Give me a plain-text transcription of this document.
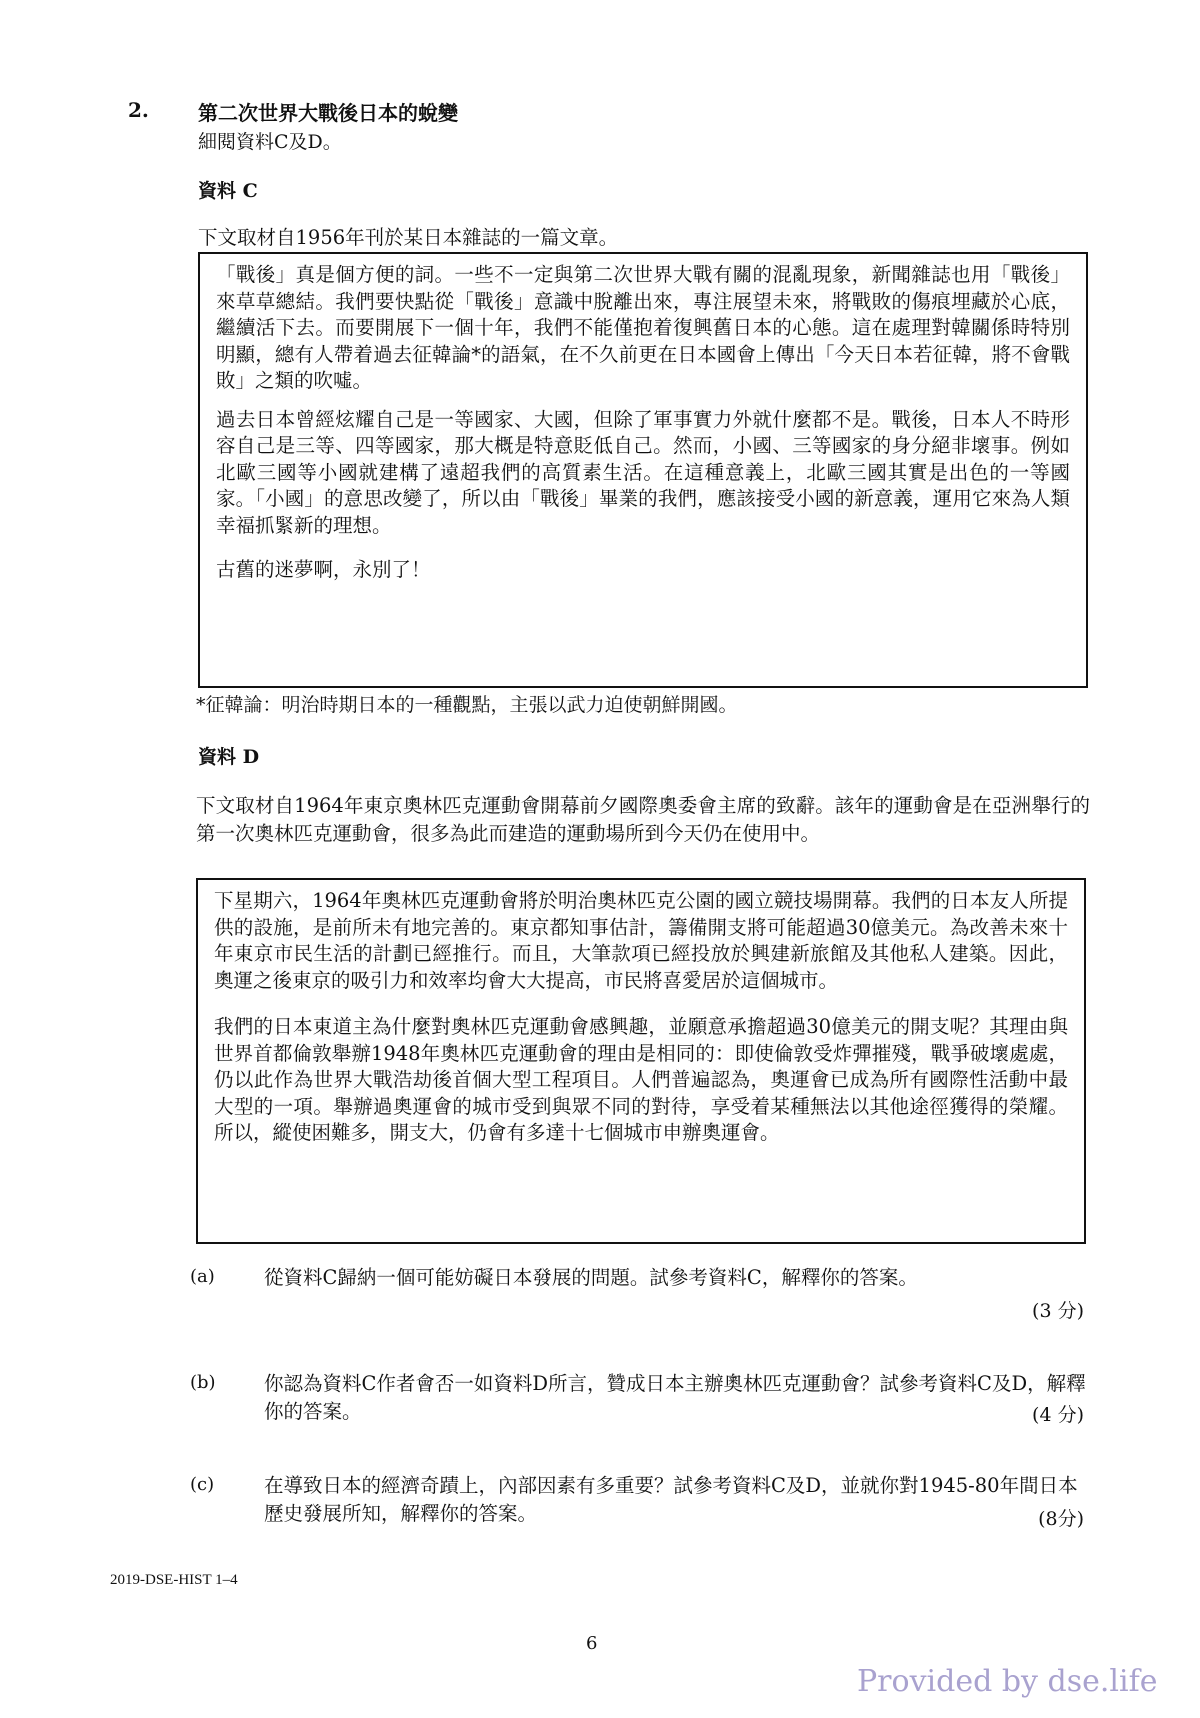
2. 第二次世界大戰後日本的蛻變
細閱資料C及D。
資料 C
下文取材自1956年刊於某日本雜誌的一篇文章。

「戰後」真是個方便的詞。一些不一定與第二次世界大戰有關的混亂現象，新聞雜誌也用「戰後」來草草總結。我們要快點從「戰後」意識中脫離出來，專注展望未來，將戰敗的傷痕埋藏於心底，繼續活下去。而要開展下一個十年，我們不能僅抱着復興舊日本的心態。這在處理對韓關係時特別明顯，總有人帶着過去征韓論*的語氣，在不久前更在日本國會上傳出「今天日本若征韓，將不會戰敗」之類的吹噓。

過去日本曾經炫耀自己是一等國家、大國，但除了軍事實力外就什麼都不是。戰後，日本人不時形容自己是三等、四等國家，那大概是特意貶低自己。然而，小國、三等國家的身分絕非壞事。例如北歐三國等小國就建構了遠超我們的高質素生活。在這種意義上，北歐三國其實是出色的一等國家。「小國」的意思改變了，所以由「戰後」畢業的我們，應該接受小國的新意義，運用它來為人類幸福抓緊新的理想。

古舊的迷夢啊，永別了！

*征韓論：明治時期日本的一種觀點，主張以武力迫使朝鮮開國。
資料 D
下文取材自1964年東京奧林匹克運動會開幕前夕國際奧委會主席的致辭。該年的運動會是在亞洲舉行的第一次奧林匹克運動會，很多為此而建造的運動場所到今天仍在使用中。

下星期六，1964年奧林匹克運動會將於明治奧林匹克公園的國立競技場開幕。我們的日本友人所提供的設施，是前所未有地完善的。東京都知事估計，籌備開支將可能超過30億美元。為改善未來十年東京市民生活的計劃已經推行。而且，大筆款項已經投放於興建新旅館及其他私人建築。因此，奧運之後東京的吸引力和效率均會大大提高，市民將喜愛居於這個城市。

我們的日本東道主為什麼對奧林匹克運動會感興趣，並願意承擔超過30億美元的開支呢？其理由與世界首都倫敦舉辦1948年奧林匹克運動會的理由是相同的：即使倫敦受炸彈摧殘，戰爭破壞處處，仍以此作為世界大戰浩劫後首個大型工程項目。人們普遍認為，奧運會已成為所有國際性活動中最大型的一項。舉辦過奧運會的城市受到與眾不同的對待，享受着某種無法以其他途徑獲得的榮耀。所以，縱使困難多，開支大，仍會有多達十七個城市申辦奧運會。

(a)	從資料C歸納一個可能妨礙日本發展的問題。試參考資料C，解釋你的答案。
(3 分)
(b) 你認為資料C作者會否一如資料D所言，贊成日本主辦奧林匹克運動會？試參考資料C及D，解釋你的答案。	(4 分)
(c)	在導致日本的經濟奇蹟上，內部因素有多重要？試參考資料C及D，並就你對1945-80年間日本歷史發展所知，解釋你的答案。	(8分)
2019-DSE-HIST 1–4
6
Provided by dse.life
